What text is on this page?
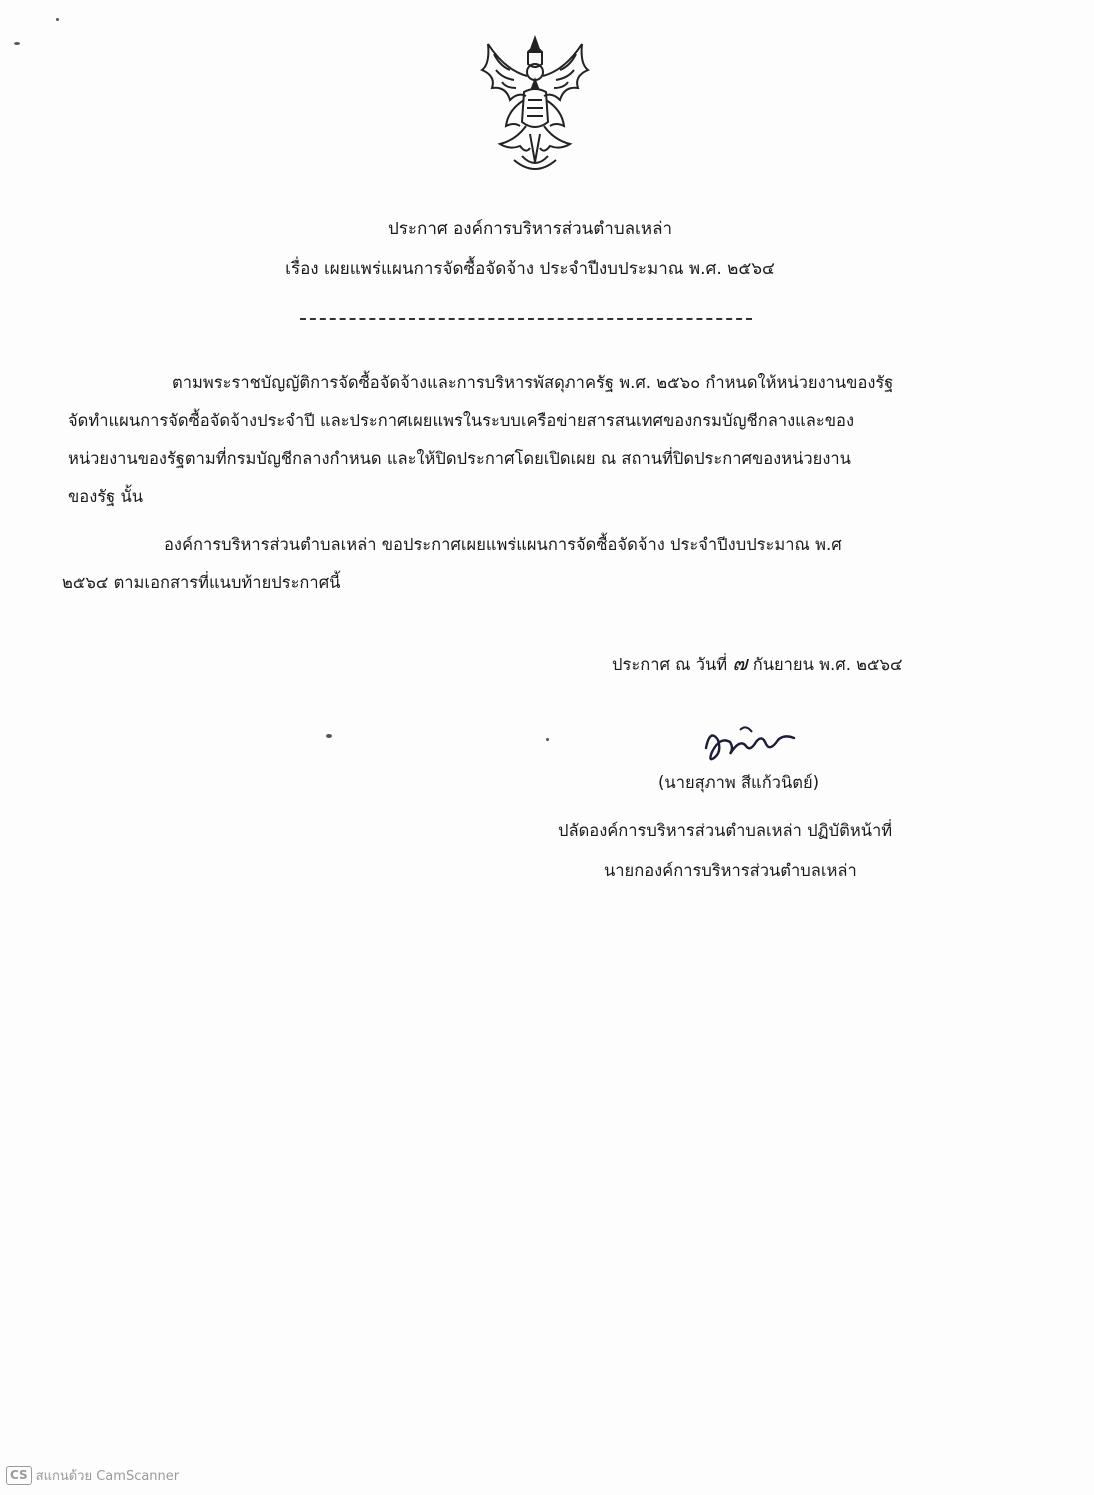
ประกาศ องค์การบริหารส่วนตำบลเหล่า
เรื่อง เผยแพร่แผนการจัดซื้อจัดจ้าง ประจำปีงบประมาณ พ.ศ. ๒๕๖๔
ตามพระราชบัญญัติการจัดซื้อจัดจ้างและการบริหารพัสดุภาครัฐ พ.ศ. ๒๕๖๐ กำหนดให้หน่วยงานของรัฐ
จัดทำแผนการจัดซื้อจัดจ้างประจำปี และประกาศเผยแพรในระบบเครือข่ายสารสนเทศของกรมบัญชีกลางและของ
หน่วยงานของรัฐตามที่กรมบัญชีกลางกำหนด และให้ปิดประกาศโดยเปิดเผย ณ สถานที่ปิดประกาศของหน่วยงาน
ของรัฐ นั้น
องค์การบริหารส่วนตำบลเหล่า ขอประกาศเผยแพร่แผนการจัดซื้อจัดจ้าง ประจำปีงบประมาณ พ.ศ
๒๕๖๔ ตามเอกสารที่แนบท้ายประกาศนี้
ประกาศ ณ วันที่ ๗ กันยายน พ.ศ. ๒๕๖๔
(นายสุภาพ สีแก้วนิตย์)
ปลัดองค์การบริหารส่วนตำบลเหล่า ปฏิบัติหน้าที่
นายกองค์การบริหารส่วนตำบลเหล่า
CS สแกนด้วย CamScanner
